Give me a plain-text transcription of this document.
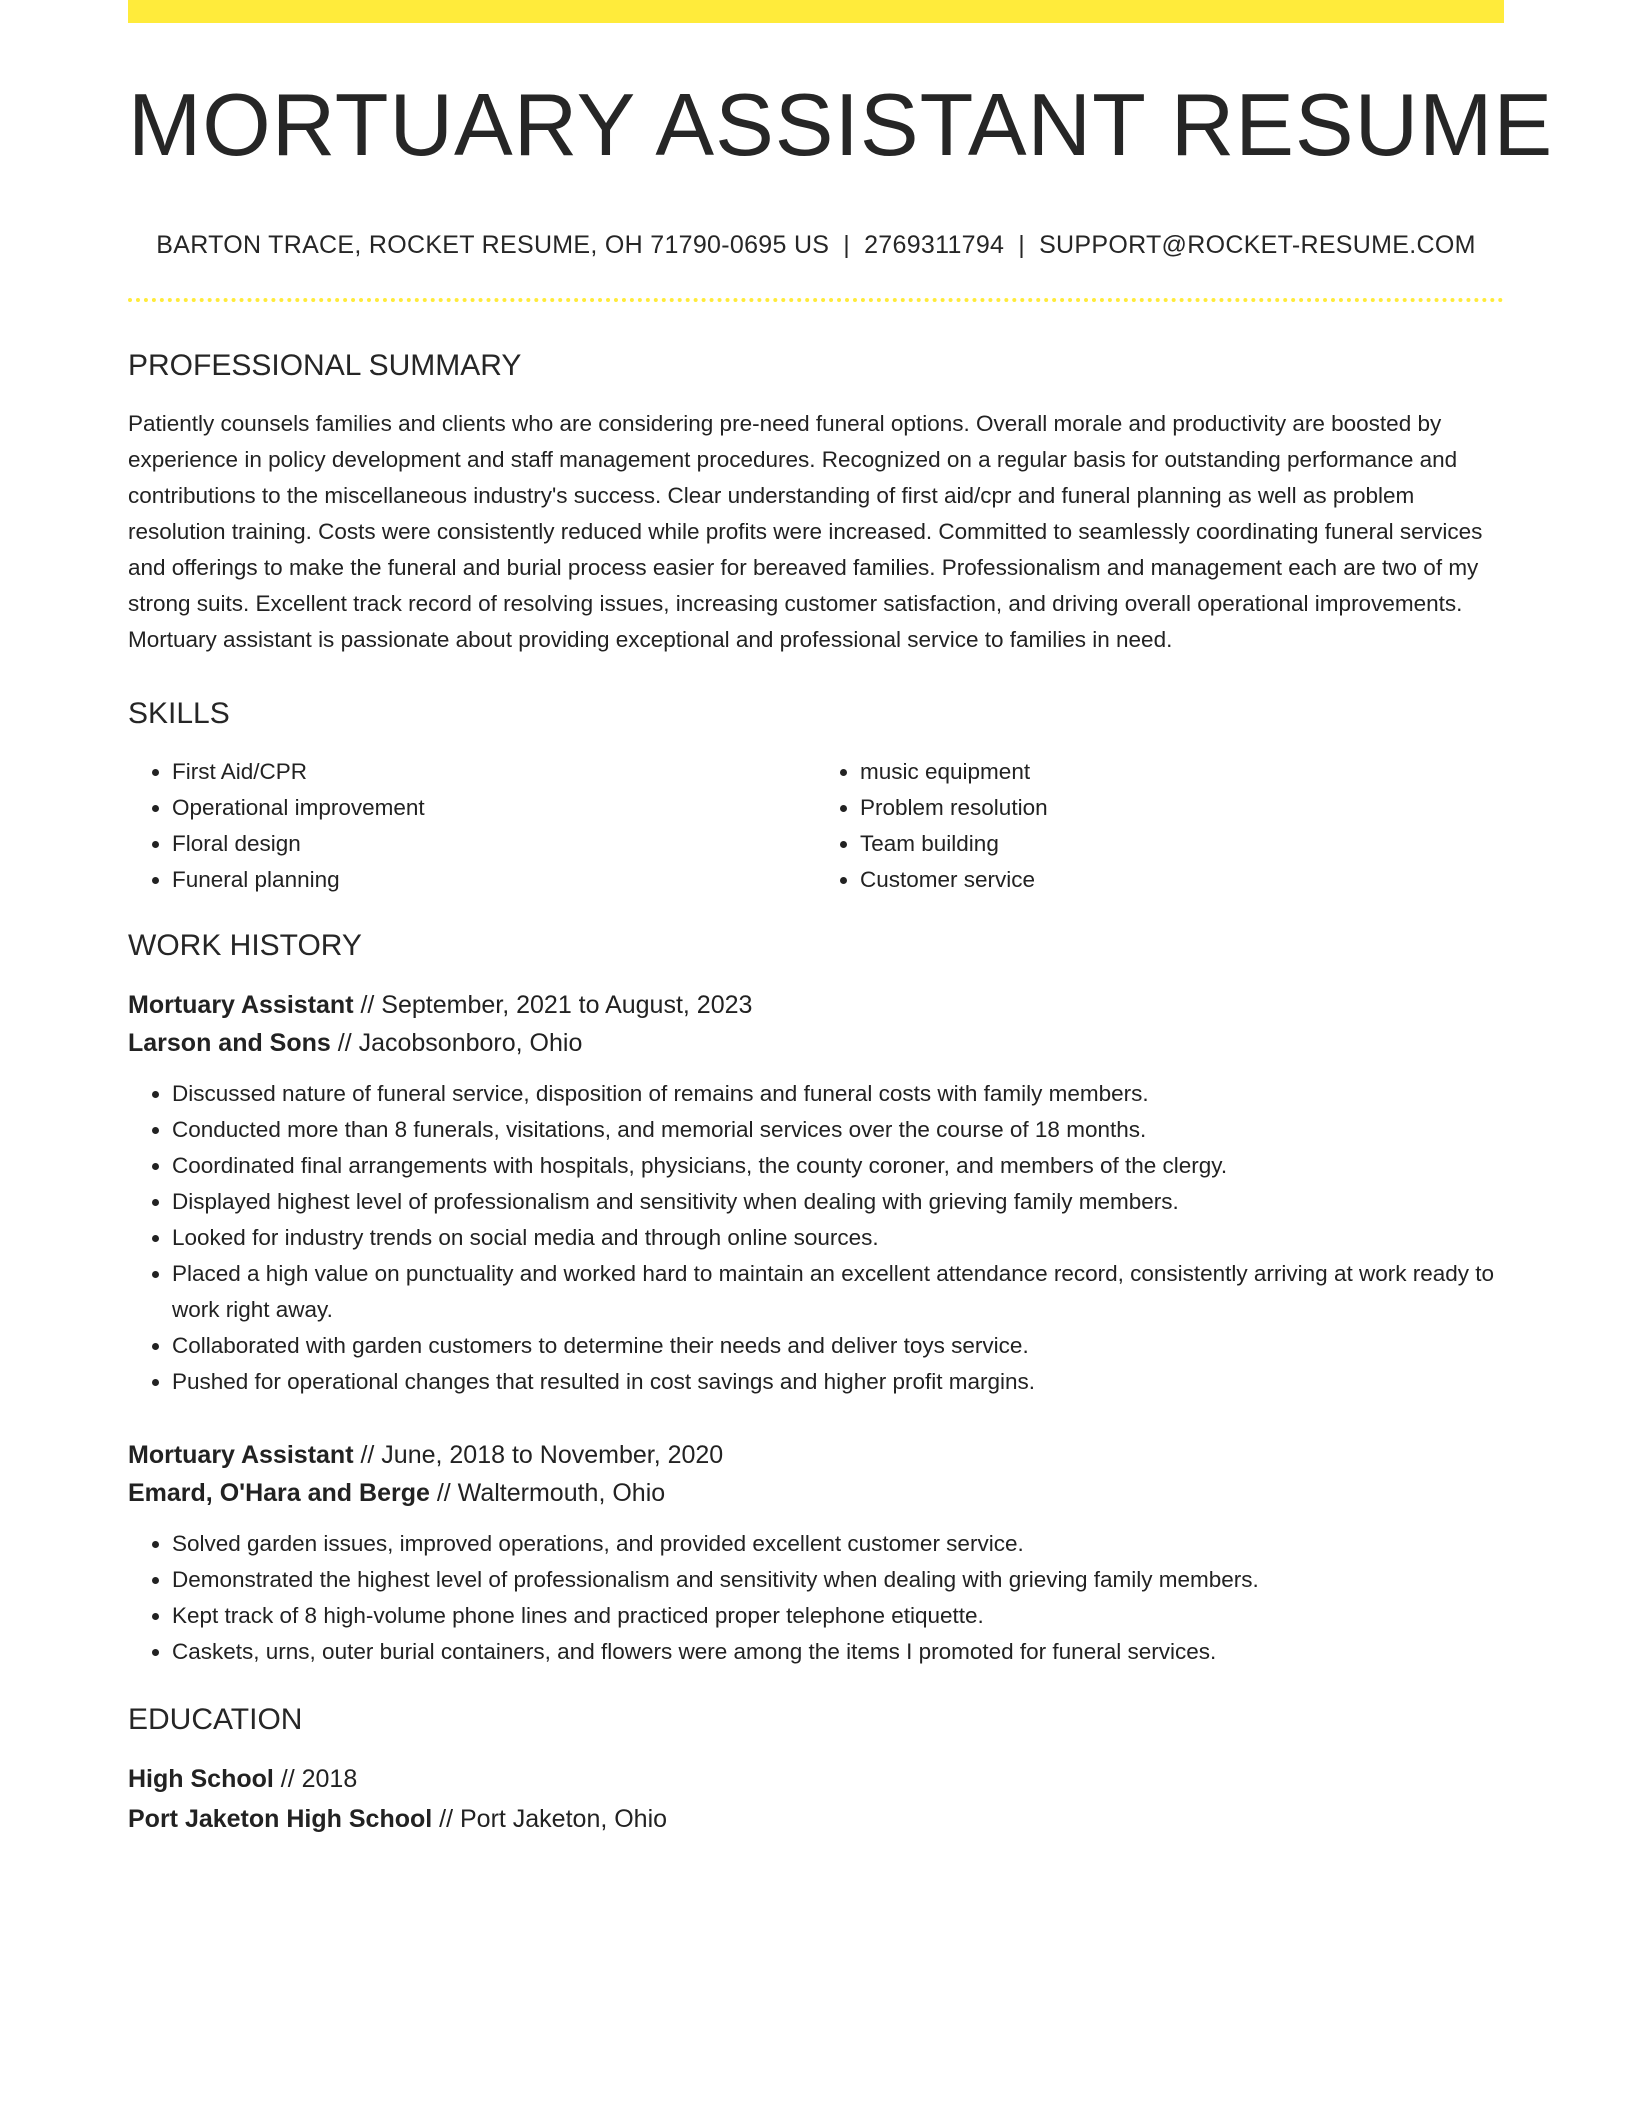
MORTUARY ASSISTANT RESUME
BARTON TRACE, ROCKET RESUME, OH 71790-0695 US | 2769311794 | SUPPORT@ROCKET-RESUME.COM
PROFESSIONAL SUMMARY

Patiently counsels families and clients who are considering pre-need funeral options. Overall morale and productivity are boosted by experience in policy development and staff management procedures. Recognized on a regular basis for outstanding performance and contributions to the miscellaneous industry's success. Clear understanding of first aid/cpr and funeral planning as well as problem resolution training. Costs were consistently reduced while profits were increased. Committed to seamlessly coordinating funeral services and offerings to make the funeral and burial process easier for bereaved families. Professionalism and management each are two of my strong suits. Excellent track record of resolving issues, increasing customer satisfaction, and driving overall operational improvements. Mortuary assistant is passionate about providing exceptional and professional service to families in need.

SKILLS
• First Aid/CPR
• Operational improvement
• Floral design
• Funeral planning
• music equipment
• Problem resolution
• Team building
• Customer service
WORK HISTORY
Mortuary Assistant // September, 2021 to August, 2023
Larson and Sons // Jacobsonboro, Ohio
• Discussed nature of funeral service, disposition of remains and funeral costs with family members.
• Conducted more than 8 funerals, visitations, and memorial services over the course of 18 months.
• Coordinated final arrangements with hospitals, physicians, the county coroner, and members of the clergy.
• Displayed highest level of professionalism and sensitivity when dealing with grieving family members.
• Looked for industry trends on social media and through online sources.
• Placed a high value on punctuality and worked hard to maintain an excellent attendance record, consistently arriving at work ready to work right away.
• Collaborated with garden customers to determine their needs and deliver toys service.
• Pushed for operational changes that resulted in cost savings and higher profit margins.
Mortuary Assistant // June, 2018 to November, 2020
Emard, O'Hara and Berge // Waltermouth, Ohio
• Solved garden issues, improved operations, and provided excellent customer service.
• Demonstrated the highest level of professionalism and sensitivity when dealing with grieving family members.
• Kept track of 8 high-volume phone lines and practiced proper telephone etiquette.
• Caskets, urns, outer burial containers, and flowers were among the items I promoted for funeral services.
EDUCATION
High School // 2018
Port Jaketon High School // Port Jaketon, Ohio
